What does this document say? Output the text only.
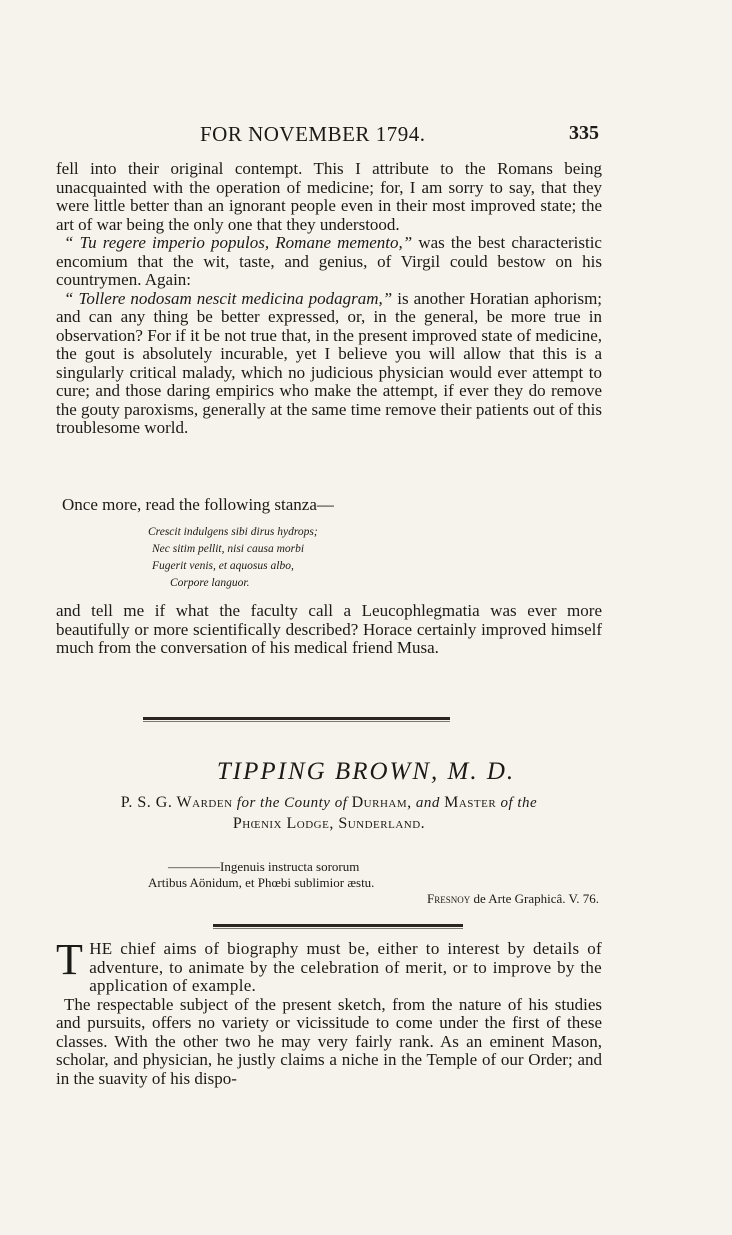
FOR NOVEMBER 1794.	335

fell into their original contempt. This I attribute to the Romans being unacquainted with the operation of medicine; for, I am sorry to say, that they were little better than an ignorant people even in their most improved state; the art of war being the only one that they understood.

“ Tu regere imperio populos, Romane memento,” was the best characteristic encomium that the wit, taste, and genius, of Virgil could bestow on his countrymen. Again:

“ Tollere nodosam nescit medicina podagram,” is another Horatian aphorism; and can any thing be better expressed, or, in the general, be more true in observation? For if it be not true that, in the present improved state of medicine, the gout is absolutely incurable, yet I believe you will allow that this is a singularly critical malady, which no judicious physician would ever attempt to cure; and those daring empirics who make the attempt, if ever they do remove the gouty paroxisms, generally at the same time remove their patients out of this troublesome world.

Once more, read the following stanza—
Crescit indulgens sibi dirus hydrops;
Nec sitim pellit, nisi causa morbi
Fugerit venis, et aquosus albo,
Corpore languor.

and tell me if what the faculty call a Leucophlegmatia was ever more beautifully or more scientifically described? Horace certainly improved himself much from the conversation of his medical friend Musa.

TIPPING BROWN, M. D.
P. S. G. Warden for the County of Durham, and Master of the
Phœnix Lodge, Sunderland.
————Ingenuis instructa sororum
Artibus Aönidum, et Phœbi sublimior æstu.
Fresnoy de Arte Graphicâ. V. 76.

THE chief aims of biography must be, either to interest by details of adventure, to animate by the celebration of merit, or to improve by the application of example.

The respectable subject of the present sketch, from the nature of his studies and pursuits, offers no variety or vicissitude to come under the first of these classes. With the other two he may very fairly rank. As an eminent Mason, scholar, and physician, he justly claims a niche in the Temple of our Order; and in the suavity of his dispo-
